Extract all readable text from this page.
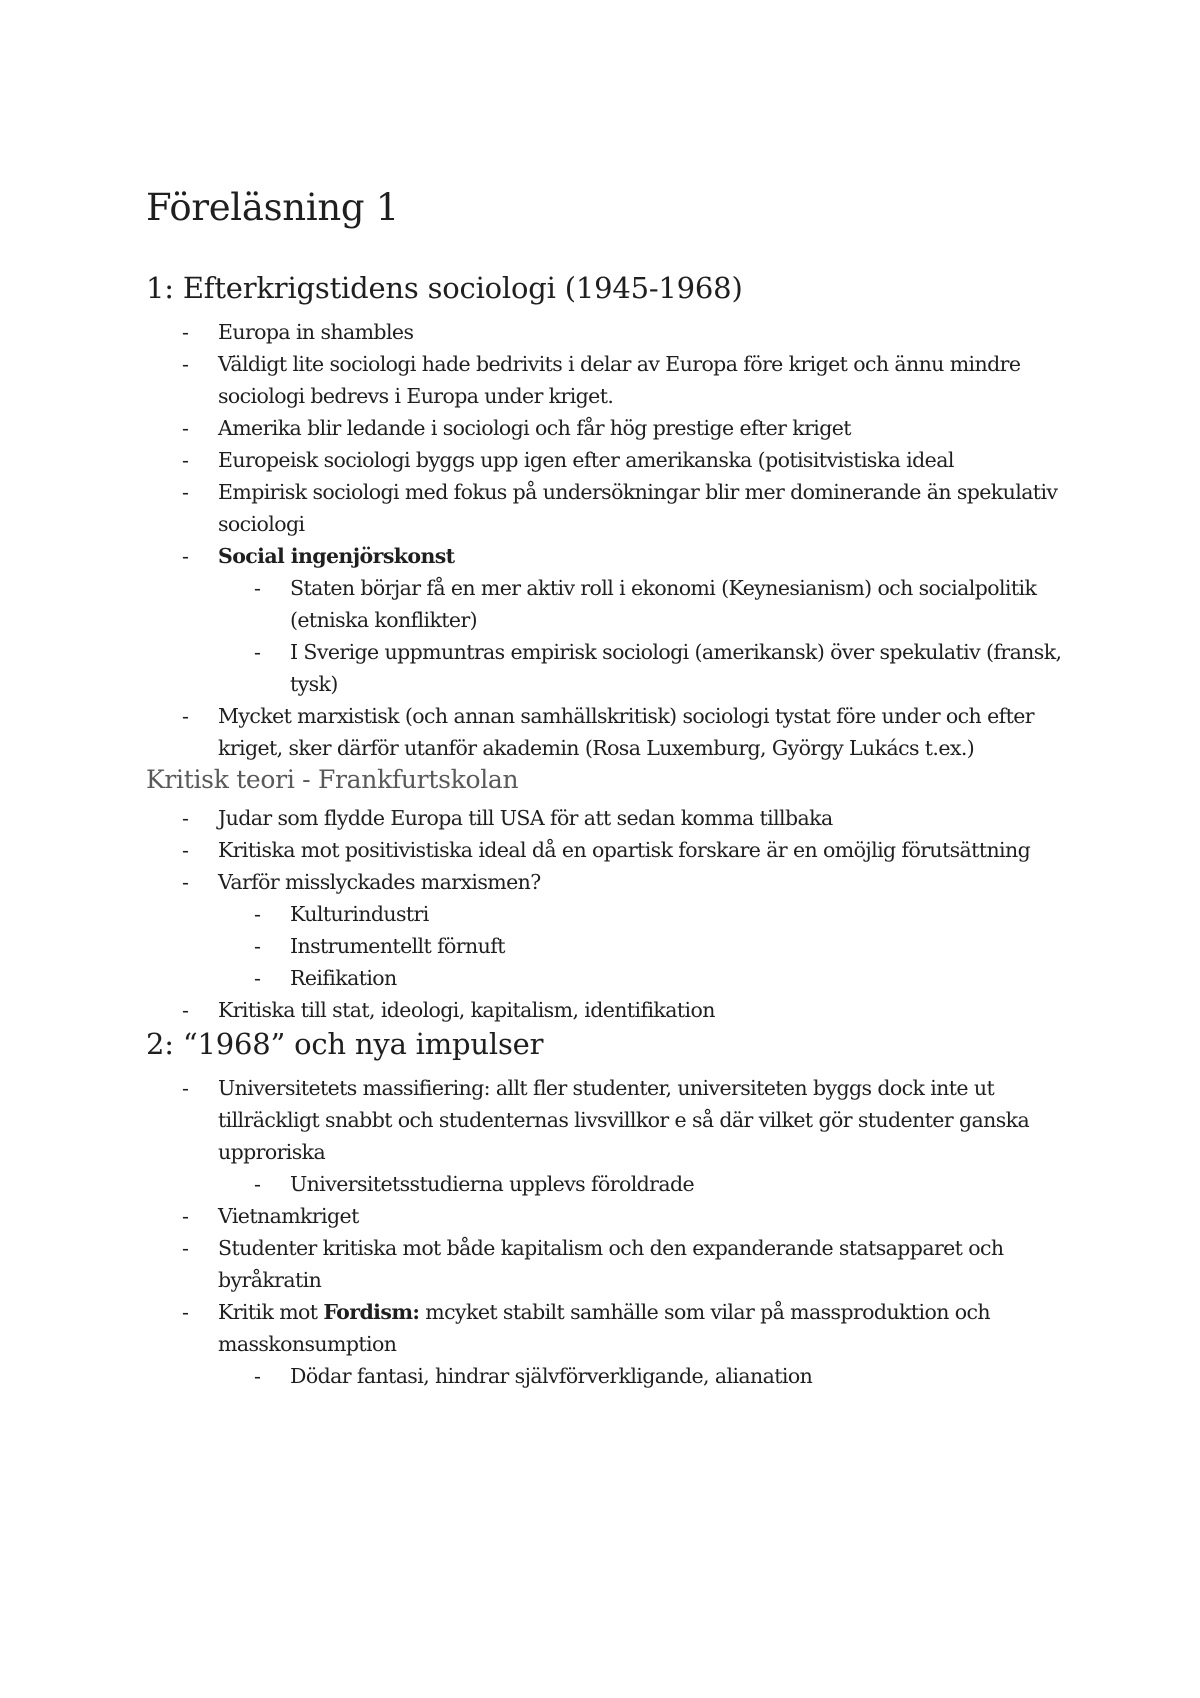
Föreläsning 1
1: Efterkrigstidens sociologi (1945-1968)
- Europa in shambles
- Väldigt lite sociologi hade bedrivits i delar av Europa före kriget och ännu mindre sociologi bedrevs i Europa under kriget.
- Amerika blir ledande i sociologi och får hög prestige efter kriget
- Europeisk sociologi byggs upp igen efter amerikanska (potisitvistiska ideal
- Empirisk sociologi med fokus på undersökningar blir mer dominerande än spekulativ sociologi
- Social ingenjörskonst
- Staten börjar få en mer aktiv roll i ekonomi (Keynesianism) och socialpolitik (etniska konflikter)
- I Sverige uppmuntras empirisk sociologi (amerikansk) över spekulativ (fransk, tysk)
- Mycket marxistisk (och annan samhällskritisk) sociologi tystat före under och efter kriget, sker därför utanför akademin (Rosa Luxemburg, György Lukács t.ex.)
Kritisk teori - Frankfurtskolan
- Judar som flydde Europa till USA för att sedan komma tillbaka
- Kritiska mot positivistiska ideal då en opartisk forskare är en omöjlig förutsättning
- Varför misslyckades marxismen?
- Kulturindustri
- Instrumentellt förnuft
- Reifikation
- Kritiska till stat, ideologi, kapitalism, identifikation
2: “1968” och nya impulser
- Universitetets massifiering: allt fler studenter, universiteten byggs dock inte ut tillräckligt snabbt och studenternas livsvillkor e så där vilket gör studenter ganska upproriska
- Universitetsstudierna upplevs föroldrade
- Vietnamkriget
- Studenter kritiska mot både kapitalism och den expanderande statsapparet och byråkratin
- Kritik mot Fordism: mcyket stabilt samhälle som vilar på massproduktion och masskonsumption
- Dödar fantasi, hindrar självförverkligande, alianation
